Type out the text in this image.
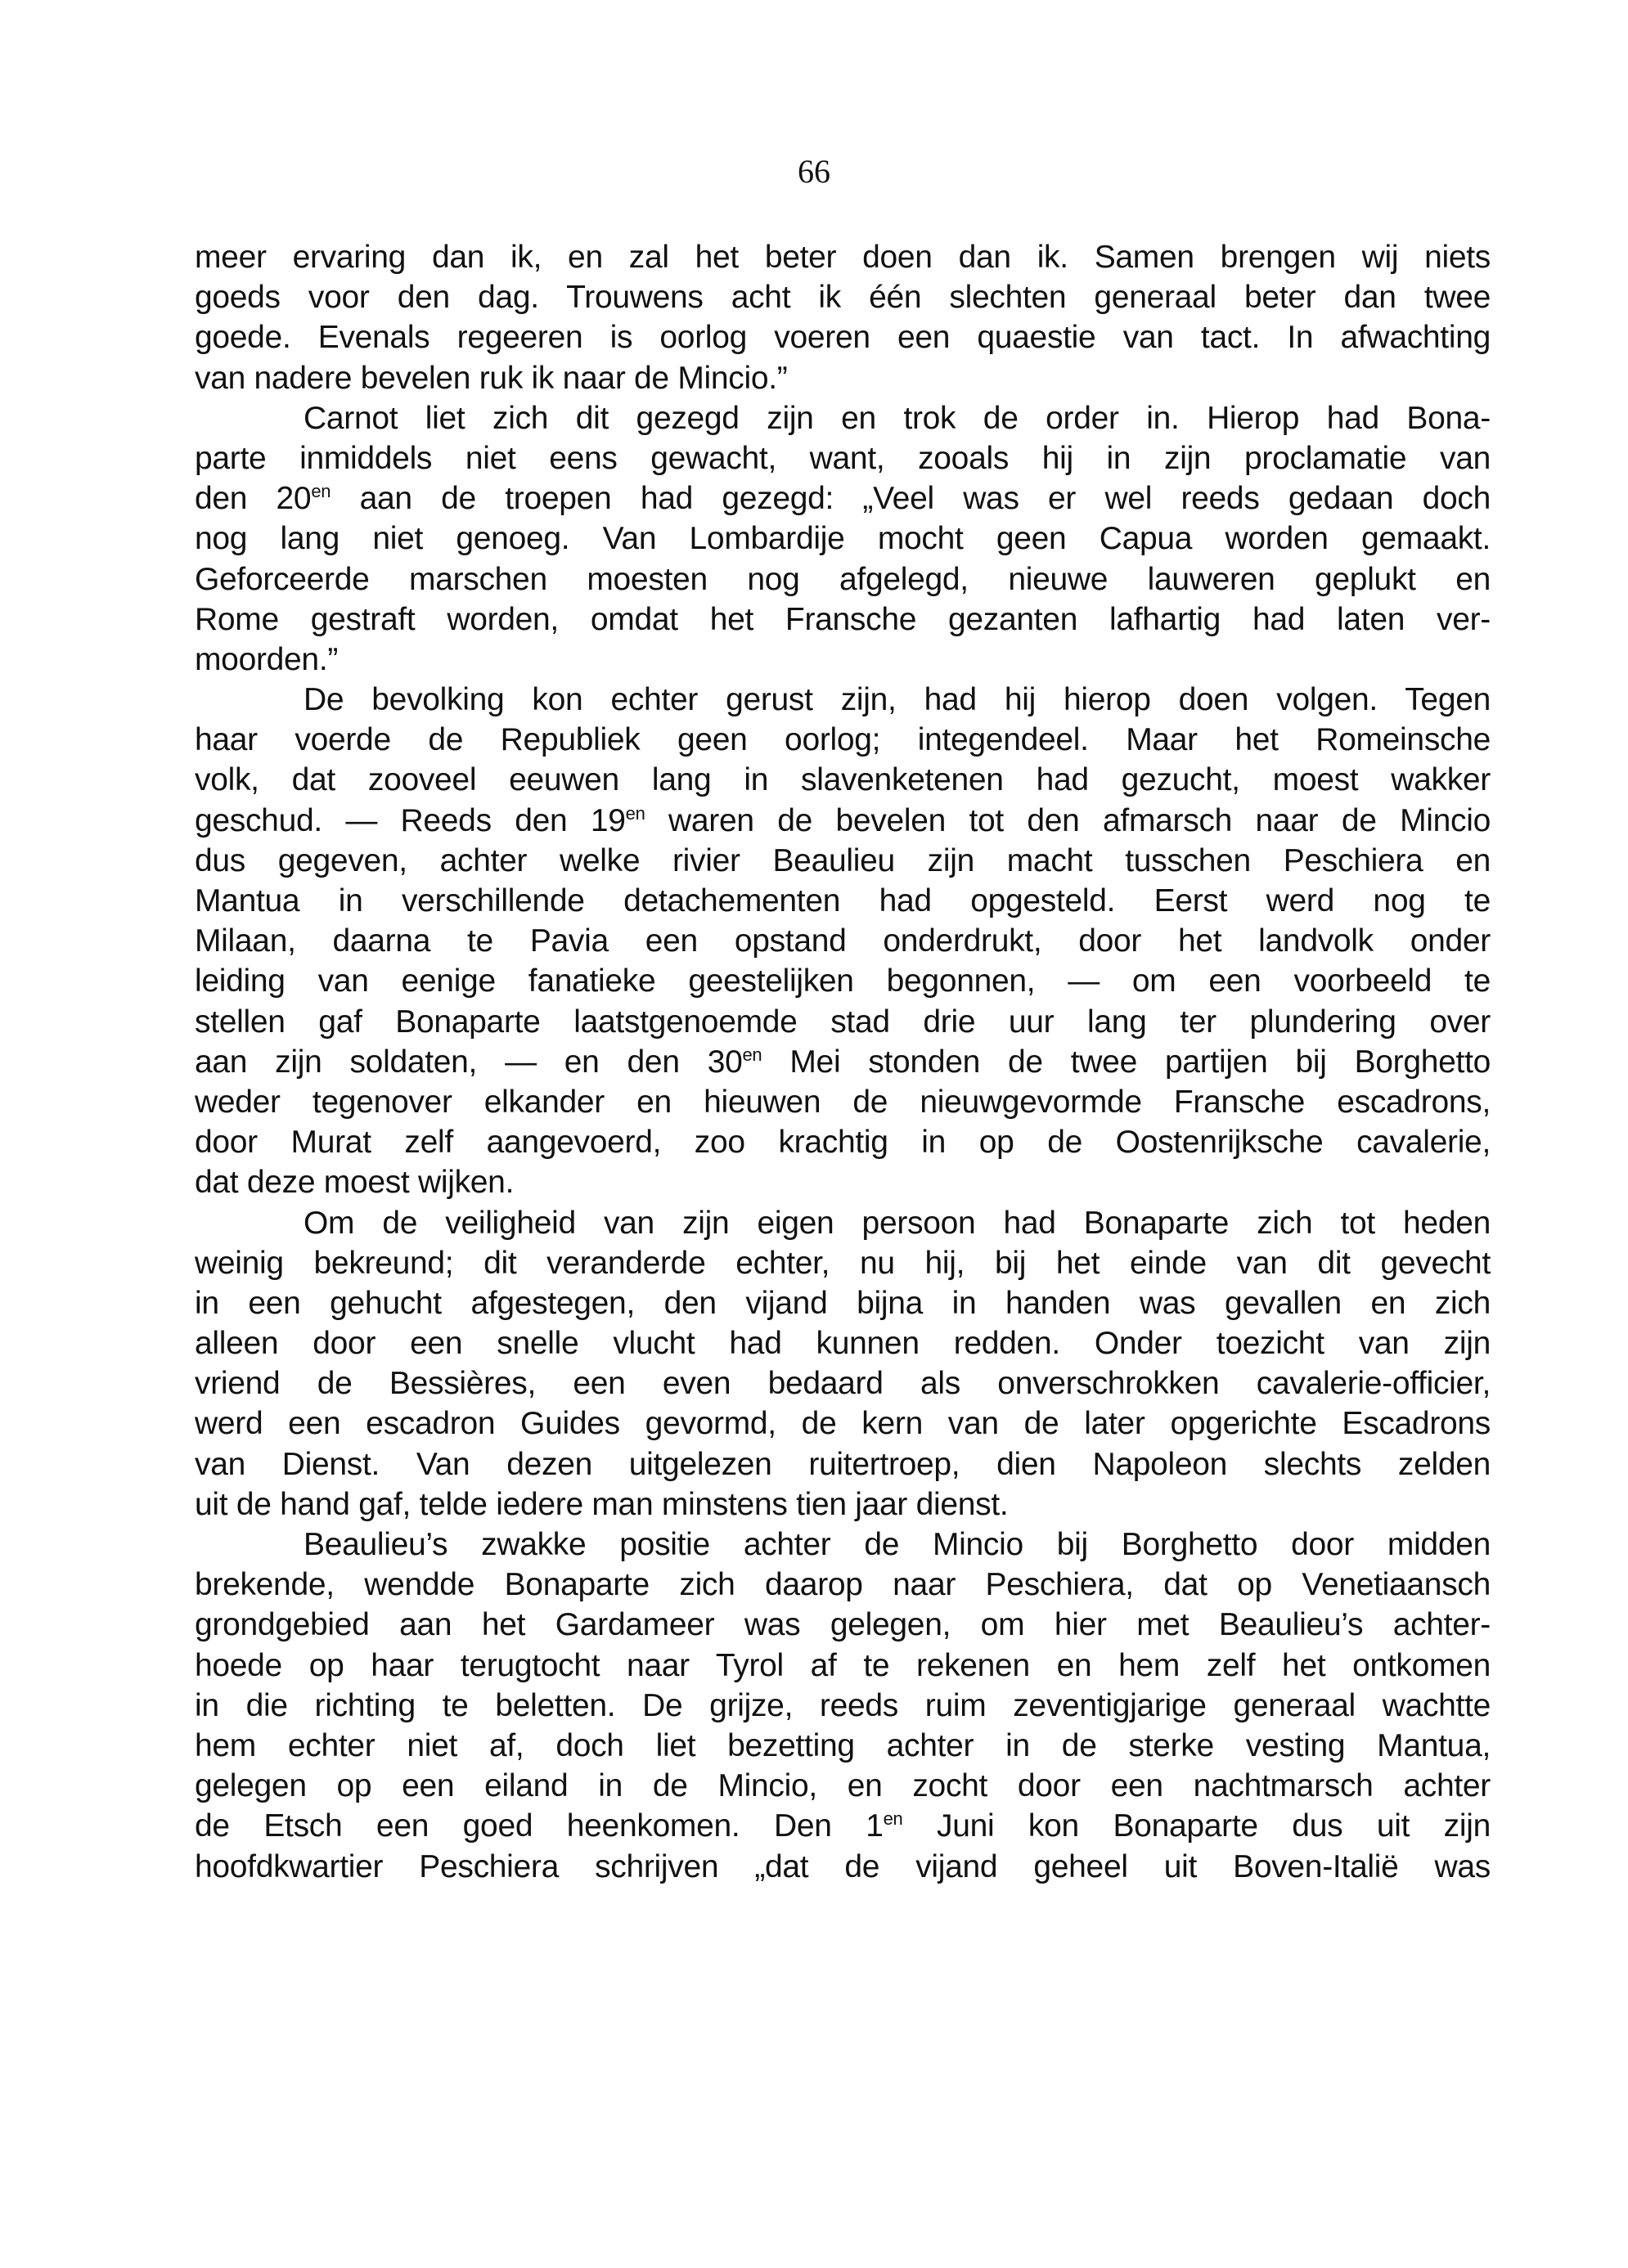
66
meer ervaring dan ik, en zal het beter doen dan ik. Samen brengen wij niets
goeds voor den dag. Trouwens acht ik één slechten generaal beter dan twee
goede. Evenals regeeren is oorlog voeren een quaestie van tact. In afwachting
van nadere bevelen ruk ik naar de Mincio.”
Carnot liet zich dit gezegd zijn en trok de order in. Hierop had Bona-
parte inmiddels niet eens gewacht, want, zooals hij in zijn proclamatie van
den $20^{en}$ aan de troepen had gezegd: „Veel was er wel reeds gedaan doch
nog lang niet genoeg. Van Lombardije mocht geen Capua worden gemaakt.
Geforceerde marschen moesten nog afgelegd, nieuwe lauweren geplukt en
Rome gestraft worden, omdat het Fransche gezanten lafhartig had laten ver-
moorden.”
De bevolking kon echter gerust zijn, had hij hierop doen volgen. Tegen
haar voerde de Republiek geen oorlog; integendeel. Maar het Romeinsche
volk, dat zooveel eeuwen lang in slavenketenen had gezucht, moest wakker
geschud. — Reeds den $19^{en}$ waren de bevelen tot den afmarsch naar de Mincio
dus gegeven, achter welke rivier Beaulieu zijn macht tusschen Peschiera en
Mantua in verschillende detachementen had opgesteld. Eerst werd nog te
Milaan, daarna te Pavia een opstand onderdrukt, door het landvolk onder
leiding van eenige fanatieke geestelijken begonnen, — om een voorbeeld te
stellen gaf Bonaparte laatstgenoemde stad drie uur lang ter plundering over
aan zijn soldaten, — en den $30^{en}$ Mei stonden de twee partijen bij Borghetto
weder tegenover elkander en hieuwen de nieuwgevormde Fransche escadrons,
door Murat zelf aangevoerd, zoo krachtig in op de Oostenrijksche cavalerie,
dat deze moest wijken.
Om de veiligheid van zijn eigen persoon had Bonaparte zich tot heden
weinig bekreund; dit veranderde echter, nu hij, bij het einde van dit gevecht
in een gehucht afgestegen, den vijand bijna in handen was gevallen en zich
alleen door een snelle vlucht had kunnen redden. Onder toezicht van zijn
vriend de Bessières, een even bedaard als onverschrokken cavalerie-officier,
werd een escadron Guides gevormd, de kern van de later opgerichte Escadrons
van Dienst. Van dezen uitgelezen ruitertroep, dien Napoleon slechts zelden
uit de hand gaf, telde iedere man minstens tien jaar dienst.
Beaulieu’s zwakke positie achter de Mincio bij Borghetto door midden
brekende, wendde Bonaparte zich daarop naar Peschiera, dat op Venetiaansch
grondgebied aan het Gardameer was gelegen, om hier met Beaulieu’s achter-
hoede op haar terugtocht naar Tyrol af te rekenen en hem zelf het ontkomen
in die richting te beletten. De grijze, reeds ruim zeventigjarige generaal wachtte
hem echter niet af, doch liet bezetting achter in de sterke vesting Mantua,
gelegen op een eiland in de Mincio, en zocht door een nachtmarsch achter
de Etsch een goed heenkomen. Den $1^{en}$ Juni kon Bonaparte dus uit zijn
hoofdkwartier Peschiera schrijven „dat de vijand geheel uit Boven-Italië was
